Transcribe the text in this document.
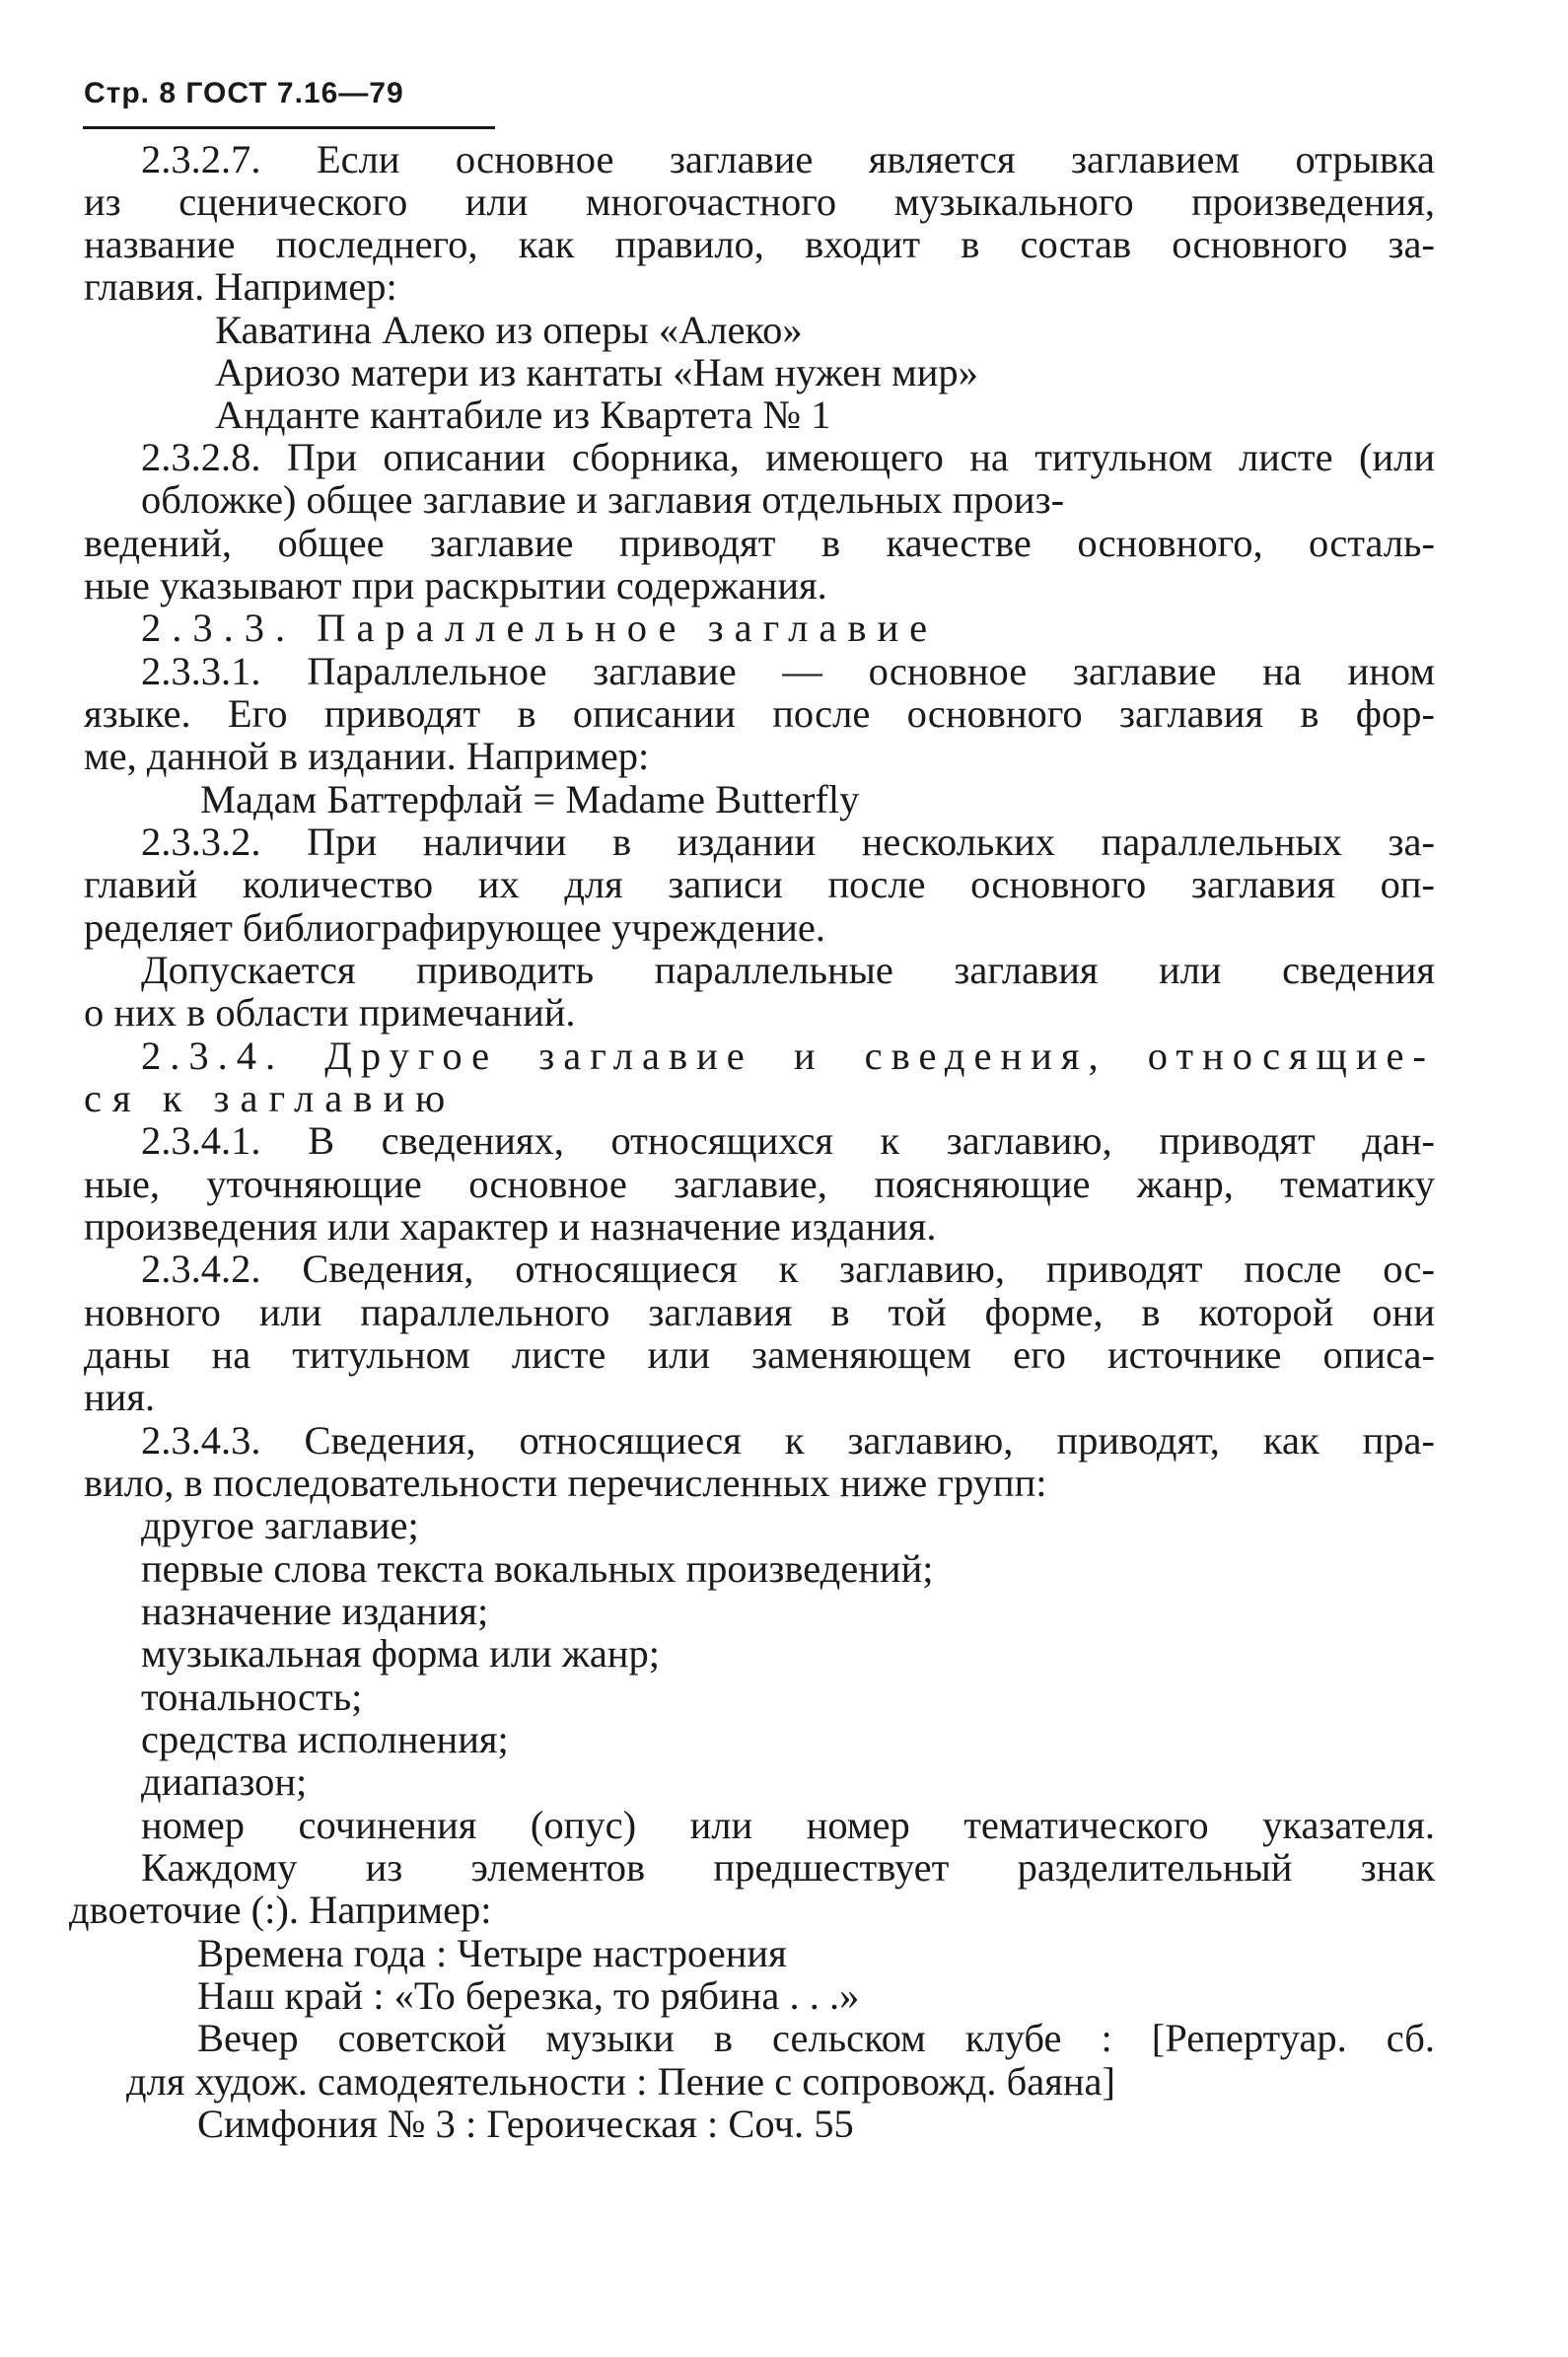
Стр. 8 ГОСТ 7.16—79
2.3.2.7. Если основное заглавие является заглавием отрывка
из сценического или многочастного музыкального произведения,
название последнего, как правило, входит в состав основного за-
главия. Например:
Каватина Алеко из оперы «Алеко»
Ариозо матери из кантаты «Нам нужен мир»
Анданте кантабиле из Квартета № 1
2.3.2.8. При описании сборника, имеющего на титульном листе (или обложке) общее заглавие и заглавия отдельных произ-
ведений, общее заглавие приводят в качестве основного, осталь-
ные указывают при раскрытии содержания.
2.3.3. Параллельное заглавие
2.3.3.1. Параллельное заглавие — основное заглавие на ином
языке. Его приводят в описании после основного заглавия в фор-
ме, данной в издании. Например:
Мадам Баттерфлай = Madame Butterfly
2.3.3.2. При наличии в издании нескольких параллельных за-
главий количество их для записи после основного заглавия оп-
ределяет библиографирующее учреждение.
Допускается приводить параллельные заглавия или сведения
о них в области примечаний.
2.3.4. Другое заглавие и сведения, относящие-
ся к заглавию
2.3.4.1. В сведениях, относящихся к заглавию, приводят дан-
ные, уточняющие основное заглавие, поясняющие жанр, тематику
произведения или характер и назначение издания.
2.3.4.2. Сведения, относящиеся к заглавию, приводят после ос-
новного или параллельного заглавия в той форме, в которой они
даны на титульном листе или заменяющем его источнике описа-
ния.
2.3.4.3. Сведения, относящиеся к заглавию, приводят, как пра-
вило, в последовательности перечисленных ниже групп:
другое заглавие;
первые слова текста вокальных произведений;
назначение издания;
музыкальная форма или жанр;
тональность;
средства исполнения;
диапазон;
номер сочинения (опус) или номер тематического указателя.
Каждому из элементов предшествует разделительный знак
двоеточие (:). Например:
Времена года : Четыре настроения
Наш край : «То березка, то рябина . . .»
Вечер советской музыки в сельском клубе : [Репертуар. сб.
для худож. самодеятельности : Пение с сопровожд. баяна]
Симфония № 3 : Героическая : Соч. 55
